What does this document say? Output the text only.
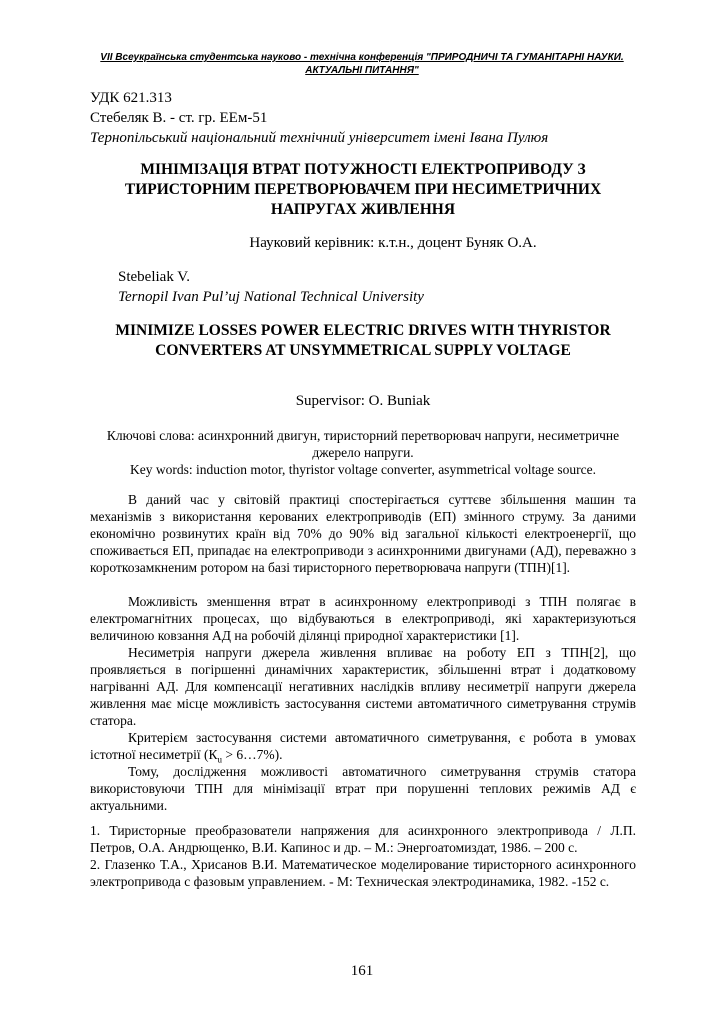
VII Всеукраїнська студентська науково - технічна конференція "ПРИРОДНИЧІ ТА ГУМАНІТАРНІ НАУКИ. АКТУАЛЬНІ ПИТАННЯ"
УДК 621.313
Стебеляк В. - ст. гр. ЕЕм-51
Тернопільський національний технічний університет імені Івана Пулюя
МІНІМІЗАЦІЯ ВТРАТ ПОТУЖНОСТІ ЕЛЕКТРОПРИВОДУ З ТИРИСТОРНИМ ПЕРЕТВОРЮВАЧЕМ ПРИ НЕСИМЕТРИЧНИХ НАПРУГАХ ЖИВЛЕННЯ
Науковий керівник: к.т.н., доцент Буняк О.А.
Stebeliak V.
Ternopil Ivan Pul’uj National Technical University
MINIMIZE LOSSES POWER ELECTRIC DRIVES WITH THYRISTOR CONVERTERS AT UNSYMMETRICAL SUPPLY VOLTAGE
Supervisor: O. Buniak
Ключові слова: асинхронний двигун, тиристорний перетворювач напруги, несиметричне джерело напруги.
Key words: induction motor, thyristor voltage converter, asymmetrical voltage source.
В даний час у світовій практиці спостерігається суттєве збільшення машин та механізмів з використання керованих електроприводів (ЕП) змінного струму. За даними економічно розвинутих країн від 70% до 90% від загальної кількості електроенергії, що споживається ЕП, припадає на електроприводи з асинхронними двигунами (АД), переважно з короткозамкненим ротором на базі тиристорного перетворювача напруги (ТПН)[1].
Можливість зменшення втрат в асинхронному електроприводі з ТПН полягає в електромагнітних процесах, що відбуваються в електроприводі, які характеризуються величиною ковзання АД на робочій ділянці природної характеристики [1].
Несиметрія напруги джерела живлення впливає на роботу ЕП з ТПН[2], що проявляється в погіршенні динамічних характеристик, збільшенні втрат і додатковому нагріванні АД. Для компенсації негативних наслідків впливу несиметрії напруги джерела живлення має місце можливість застосування системи автоматичного симетрування струмів статора.
Критерієм застосування системи автоматичного симетрування, є робота в умовах істотної несиметрії ($К_u$ > 6…7%).
Тому, дослідження можливості автоматичного симетрування струмів статора використовуючи ТПН для мінімізації втрат при порушенні теплових режимів АД є актуальними.
1. Тиристорные преобразователи напряжения для асинхронного электропривода / Л.П. Петров, О.А. Андрющенко, В.И. Капинос и др. – М.: Энергоатомиздат, 1986. – 200 с.
2. Глазенко Т.А., Хрисанов В.И. Математическое моделирование тиристорного асинхронного электропривода с фазовым управлением. - М: Техническая электродинамика, 1982. -152 с.
161
